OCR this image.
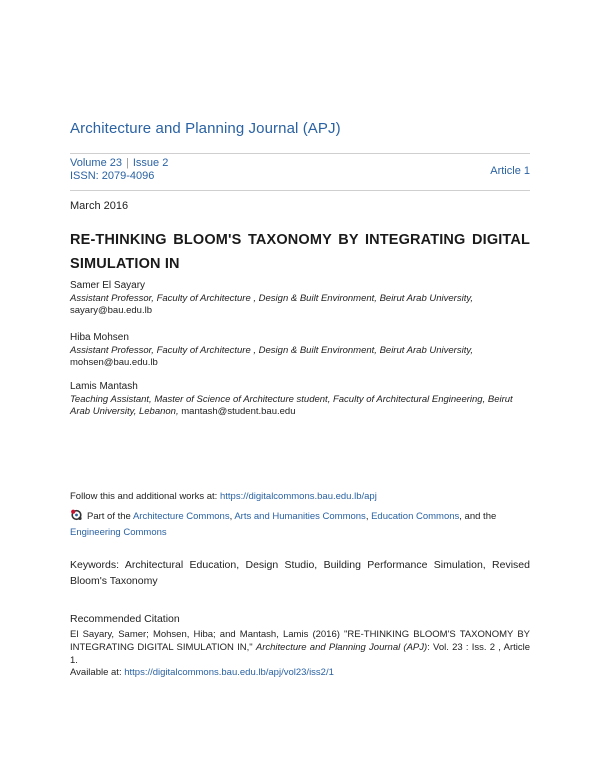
Architecture and Planning Journal (APJ)
Volume 23 | Issue 2
ISSN: 2079-4096	Article 1
March 2016
RE-THINKING BLOOM'S TAXONOMY BY INTEGRATING DIGITAL SIMULATION IN
Samer El Sayary
Assistant Professor, Faculty of Architecture , Design & Built Environment, Beirut Arab University,
sayary@bau.edu.lb
Hiba Mohsen
Assistant Professor, Faculty of Architecture , Design & Built Environment, Beirut Arab University,
mohsen@bau.edu.lb
Lamis Mantash
Teaching Assistant, Master of Science of Architecture student, Faculty of Architectural Engineering, Beirut Arab University, Lebanon, mantash@student.bau.edu
Follow this and additional works at: https://digitalcommons.bau.edu.lb/apj
Part of the Architecture Commons, Arts and Humanities Commons, Education Commons, and the Engineering Commons
Keywords: Architectural Education, Design Studio, Building Performance Simulation, Revised Bloom's Taxonomy
Recommended Citation
El Sayary, Samer; Mohsen, Hiba; and Mantash, Lamis (2016) "RE-THINKING BLOOM'S TAXONOMY BY INTEGRATING DIGITAL SIMULATION IN," Architecture and Planning Journal (APJ): Vol. 23 : Iss. 2 , Article 1.
Available at: https://digitalcommons.bau.edu.lb/apj/vol23/iss2/1
